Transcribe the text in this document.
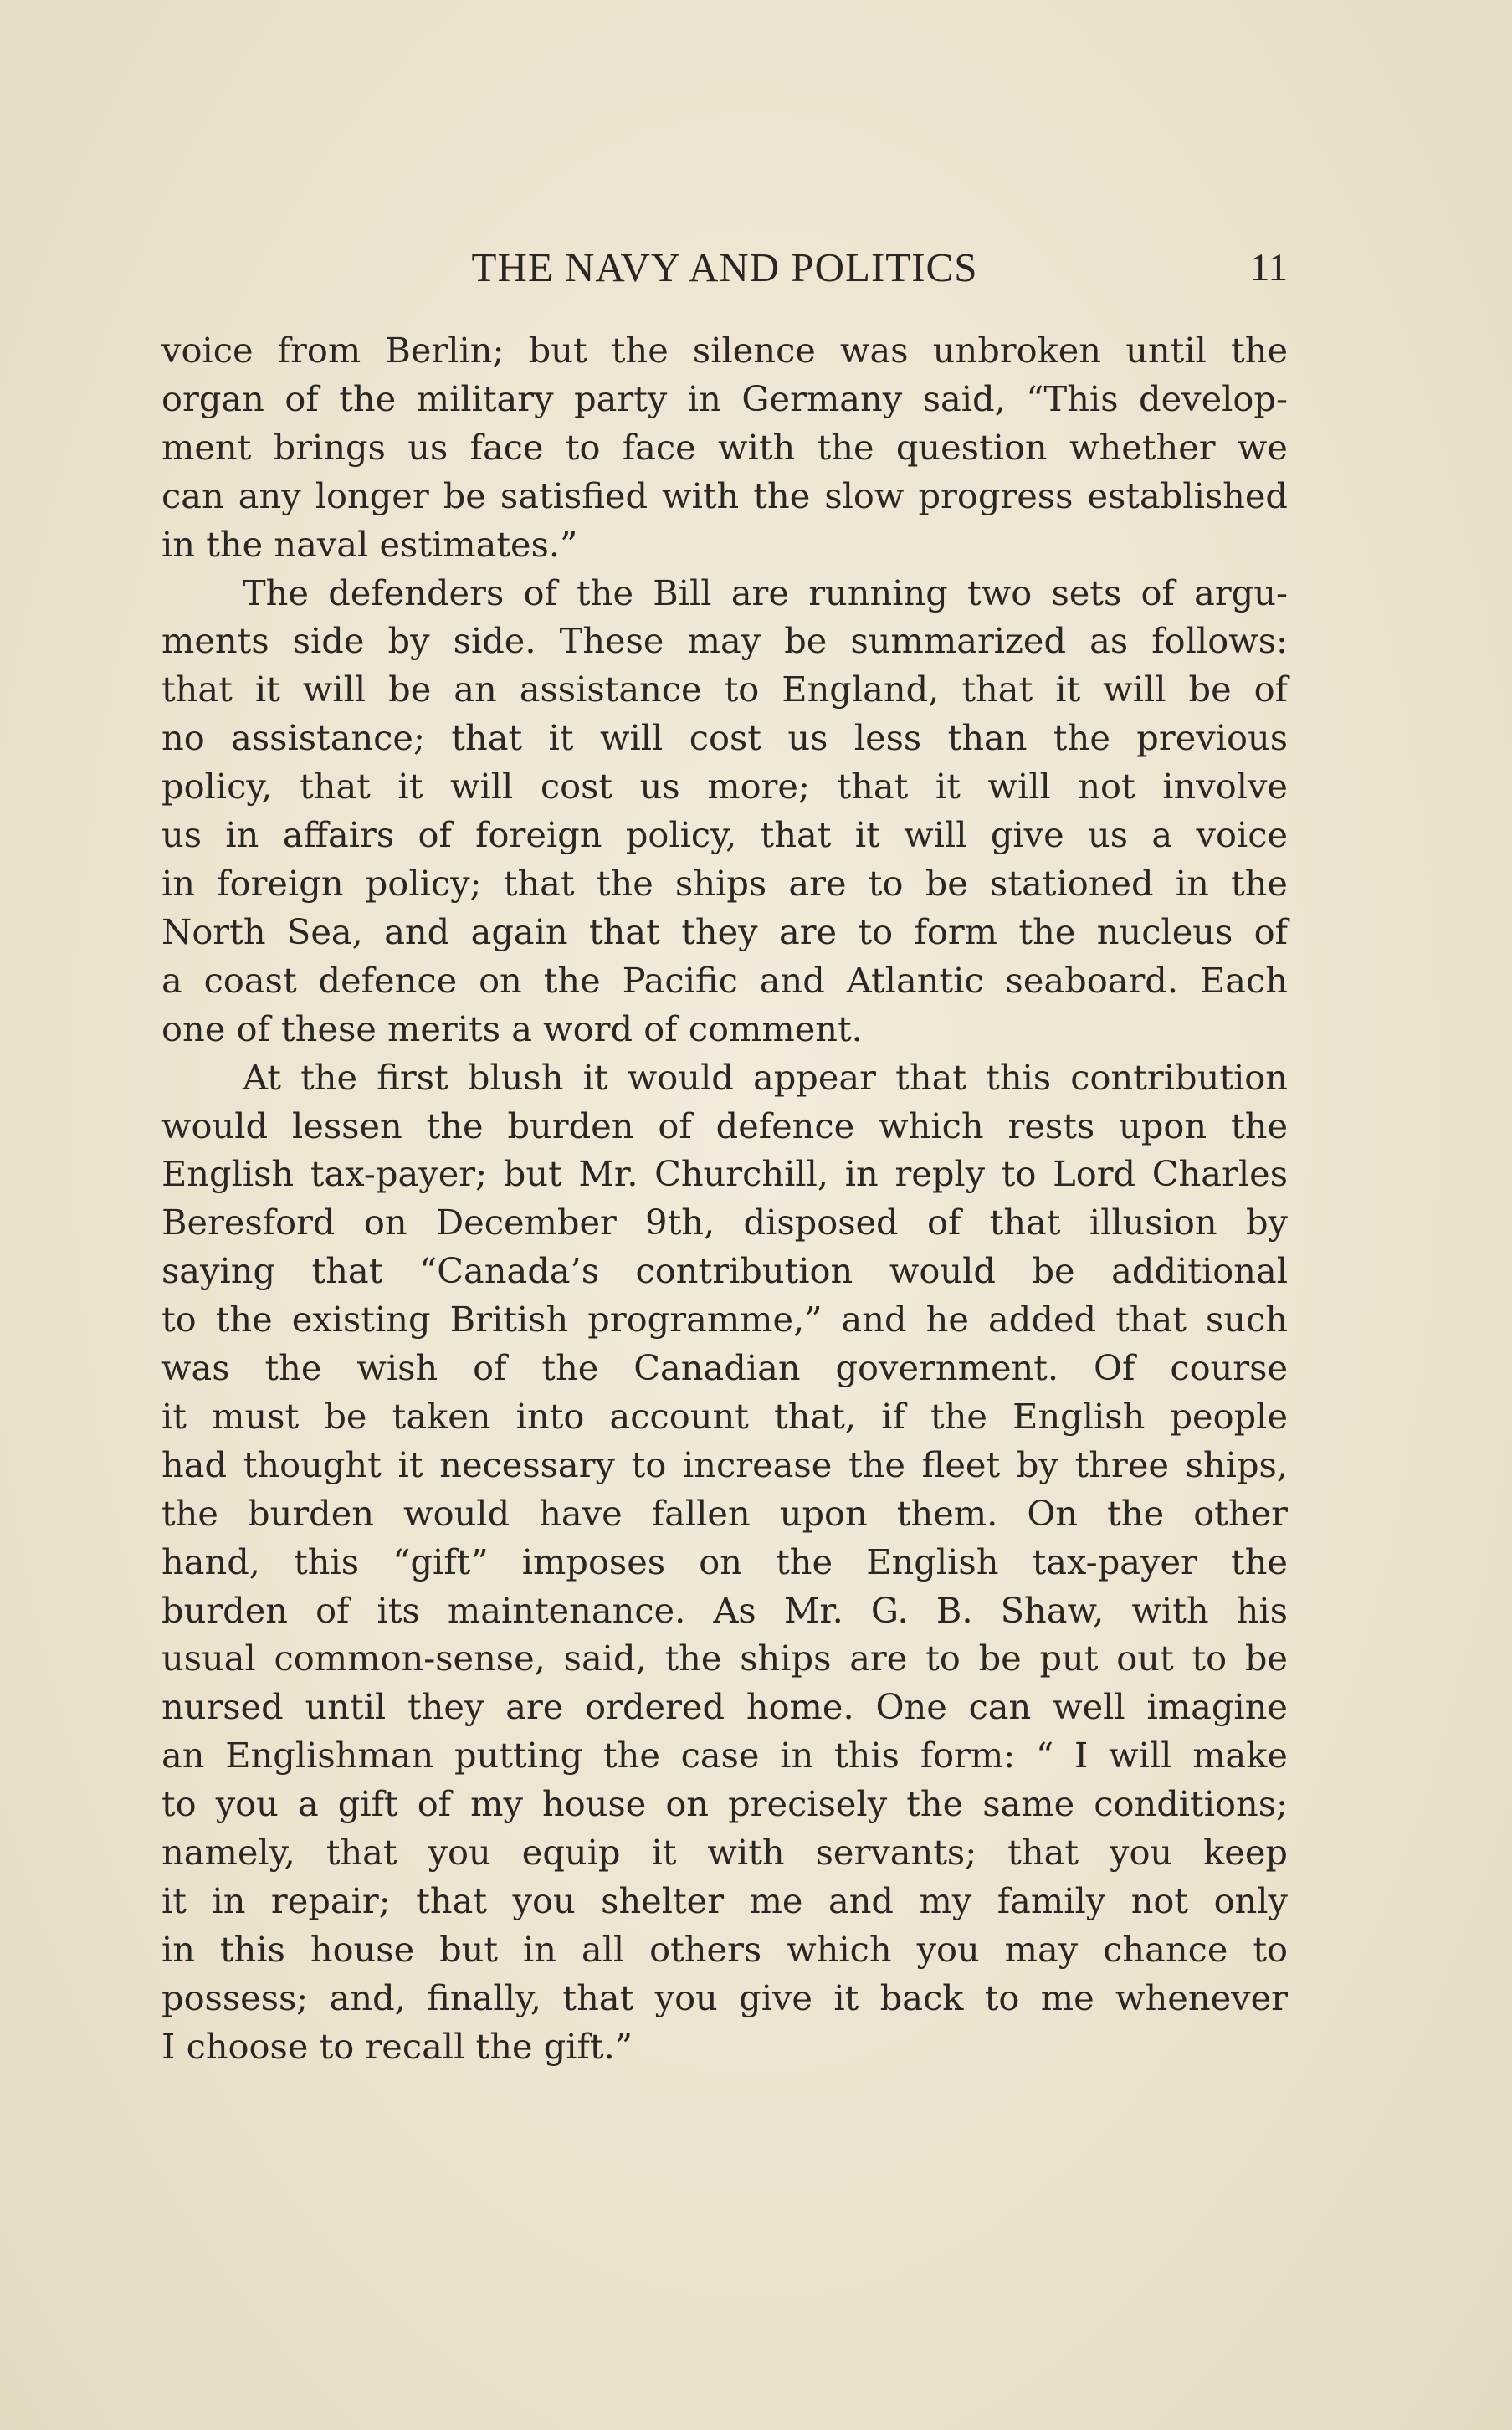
THE NAVY AND POLITICS	11
voice from Berlin; but the silence was unbroken until the
organ of the military party in Germany said, “This develop-
ment brings us face to face with the question whether we
can any longer be satisfied with the slow progress established
in the naval estimates.”
The defenders of the Bill are running two sets of argu-
ments side by side. These may be summarized as follows:
that it will be an assistance to England, that it will be of
no assistance; that it will cost us less than the previous
policy, that it will cost us more; that it will not involve
us in affairs of foreign policy, that it will give us a voice
in foreign policy; that the ships are to be stationed in the
North Sea, and again that they are to form the nucleus of
a coast defence on the Pacific and Atlantic seaboard. Each
one of these merits a word of comment.
At the first blush it would appear that this contribution
would lessen the burden of defence which rests upon the
English tax-payer; but Mr. Churchill, in reply to Lord Charles
Beresford on December 9th, disposed of that illusion by
saying that “Canada’s contribution would be additional
to the existing British programme,” and he added that such
was the wish of the Canadian government. Of course
it must be taken into account that, if the English people
had thought it necessary to increase the fleet by three ships,
the burden would have fallen upon them. On the other
hand, this “gift” imposes on the English tax-payer the
burden of its maintenance. As Mr. G. B. Shaw, with his
usual common-sense, said, the ships are to be put out to be
nursed until they are ordered home. One can well imagine
an Englishman putting the case in this form: “ I will make
to you a gift of my house on precisely the same conditions;
namely, that you equip it with servants; that you keep
it in repair; that you shelter me and my family not only
in this house but in all others which you may chance to
possess; and, finally, that you give it back to me whenever
I choose to recall the gift.”
